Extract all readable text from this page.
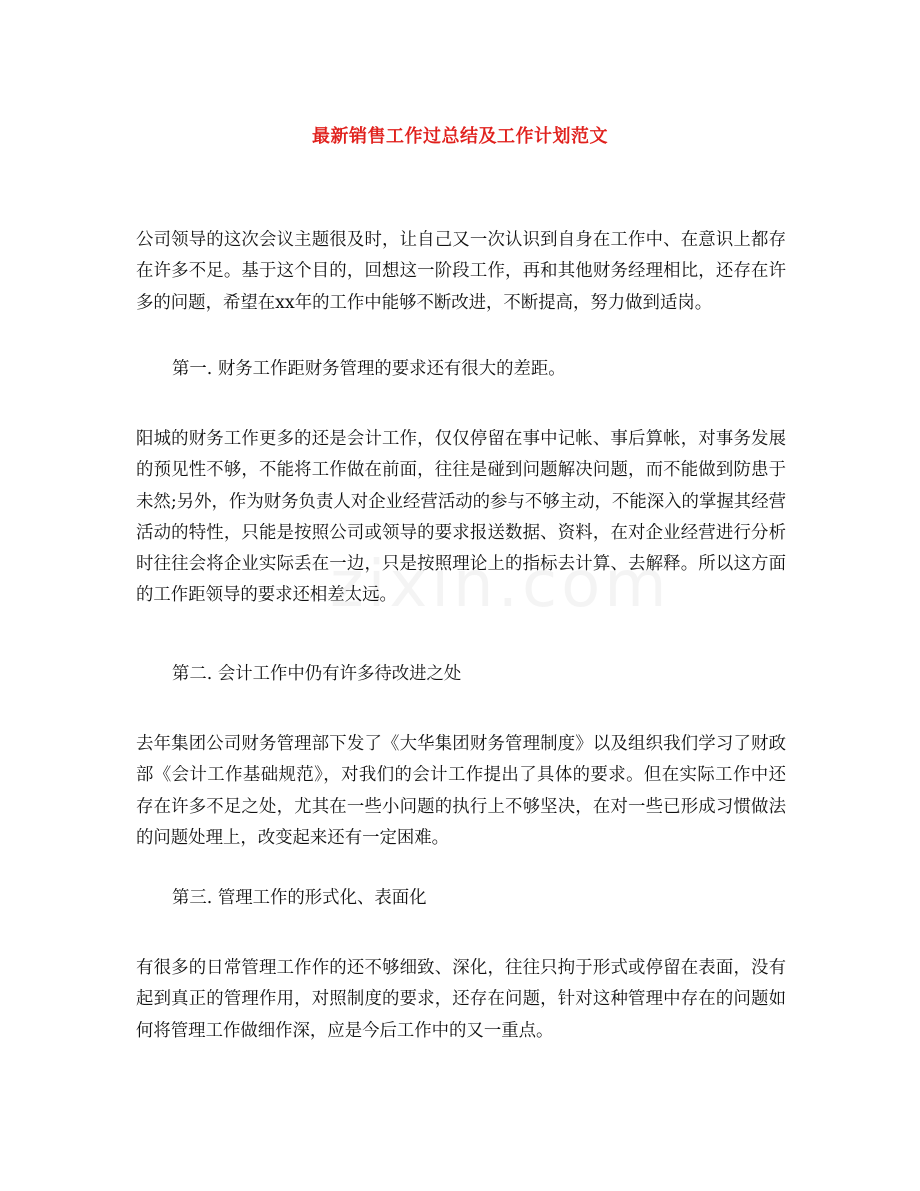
最新销售工作过总结及工作计划范文

公司领导的这次会议主题很及时，让自己又一次认识到自身在工作中、在意识上都存在许多不足。基于这个目的，回想这一阶段工作，再和其他财务经理相比，还存在许多的问题，希望在xx年的工作中能够不断改进，不断提高，努力做到适岗。

第一. 财务工作距财务管理的要求还有很大的差距。

阳城的财务工作更多的还是会计工作，仅仅停留在事中记帐、事后算帐，对事务发展的预见性不够，不能将工作做在前面，往往是碰到问题解决问题，而不能做到防患于未然;另外，作为财务负责人对企业经营活动的参与不够主动，不能深入的掌握其经营活动的特性，只能是按照公司或领导的要求报送数据、资料，在对企业经营进行分析时往往会将企业实际丢在一边，只是按照理论上的指标去计算、去解释。所以这方面的工作距领导的要求还相差太远。

第二. 会计工作中仍有许多待改进之处

去年集团公司财务管理部下发了《大华集团财务管理制度》以及组织我们学习了财政部《会计工作基础规范》，对我们的会计工作提出了具体的要求。但在实际工作中还存在许多不足之处，尤其在一些小问题的执行上不够坚决，在对一些已形成习惯做法的问题处理上，改变起来还有一定困难。

第三. 管理工作的形式化、表面化

有很多的日常管理工作作的还不够细致、深化，往往只拘于形式或停留在表面，没有起到真正的管理作用，对照制度的要求，还存在问题，针对这种管理中存在的问题如何将管理工作做细作深，应是今后工作中的又一重点。
